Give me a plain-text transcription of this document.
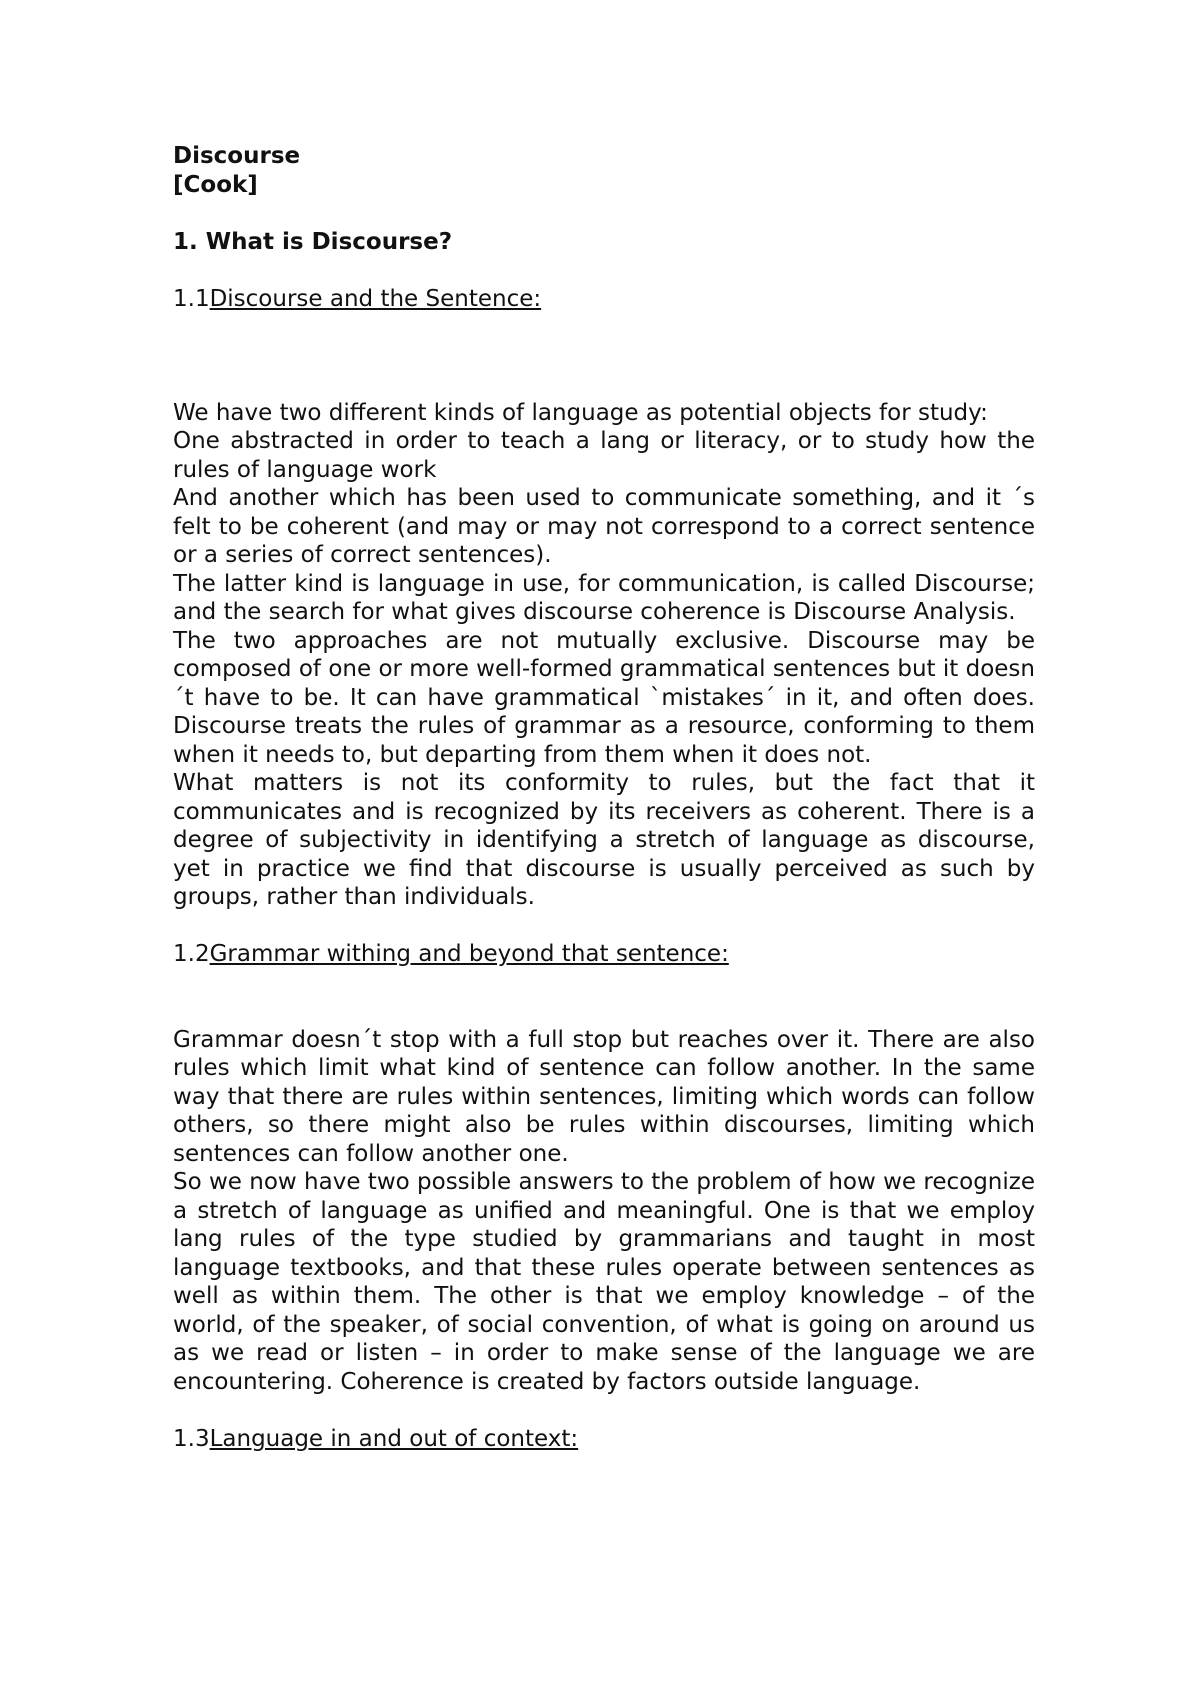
Discourse

[Cook]

1. What is Discourse?

1.1Discourse and the Sentence:

We have two different kinds of language as potential objects for study:

One abstracted in order to teach a lang or literacy, or to study how the rules of language work

And another which has been used to communicate something, and it ´s felt to be coherent (and may or may not correspond to a correct sentence or a series of correct sentences).

The latter kind is language in use, for communication, is called Discourse; and the search for what gives discourse coherence is Discourse Analysis.

The two approaches are not mutually exclusive. Discourse may be composed of one or more well-formed grammatical sentences but it doesn´t have to be. It can have grammatical `mistakes´ in it, and often does. Discourse treats the rules of grammar as a resource, conforming to them when it needs to, but departing from them when it does not.

What matters is not its conformity to rules, but the fact that it communicates and is recognized by its receivers as coherent. There is a degree of subjectivity in identifying a stretch of language as discourse, yet in practice we find that discourse is usually perceived as such by groups, rather than individuals.

1.2Grammar withing and beyond that sentence:

Grammar doesn´t stop with a full stop but reaches over it. There are also rules which limit what kind of sentence can follow another. In the same way that there are rules within sentences, limiting which words can follow others, so there might also be rules within discourses, limiting which sentences can follow another one.

So we now have two possible answers to the problem of how we recognize a stretch of language as unified and meaningful. One is that we employ lang rules of the type studied by grammarians and taught in most language textbooks, and that these rules operate between sentences as well as within them. The other is that we employ knowledge – of the world, of the speaker, of social convention, of what is going on around us as we read or listen – in order to make sense of the language we are encountering. Coherence is created by factors outside language.

1.3Language in and out of context:
